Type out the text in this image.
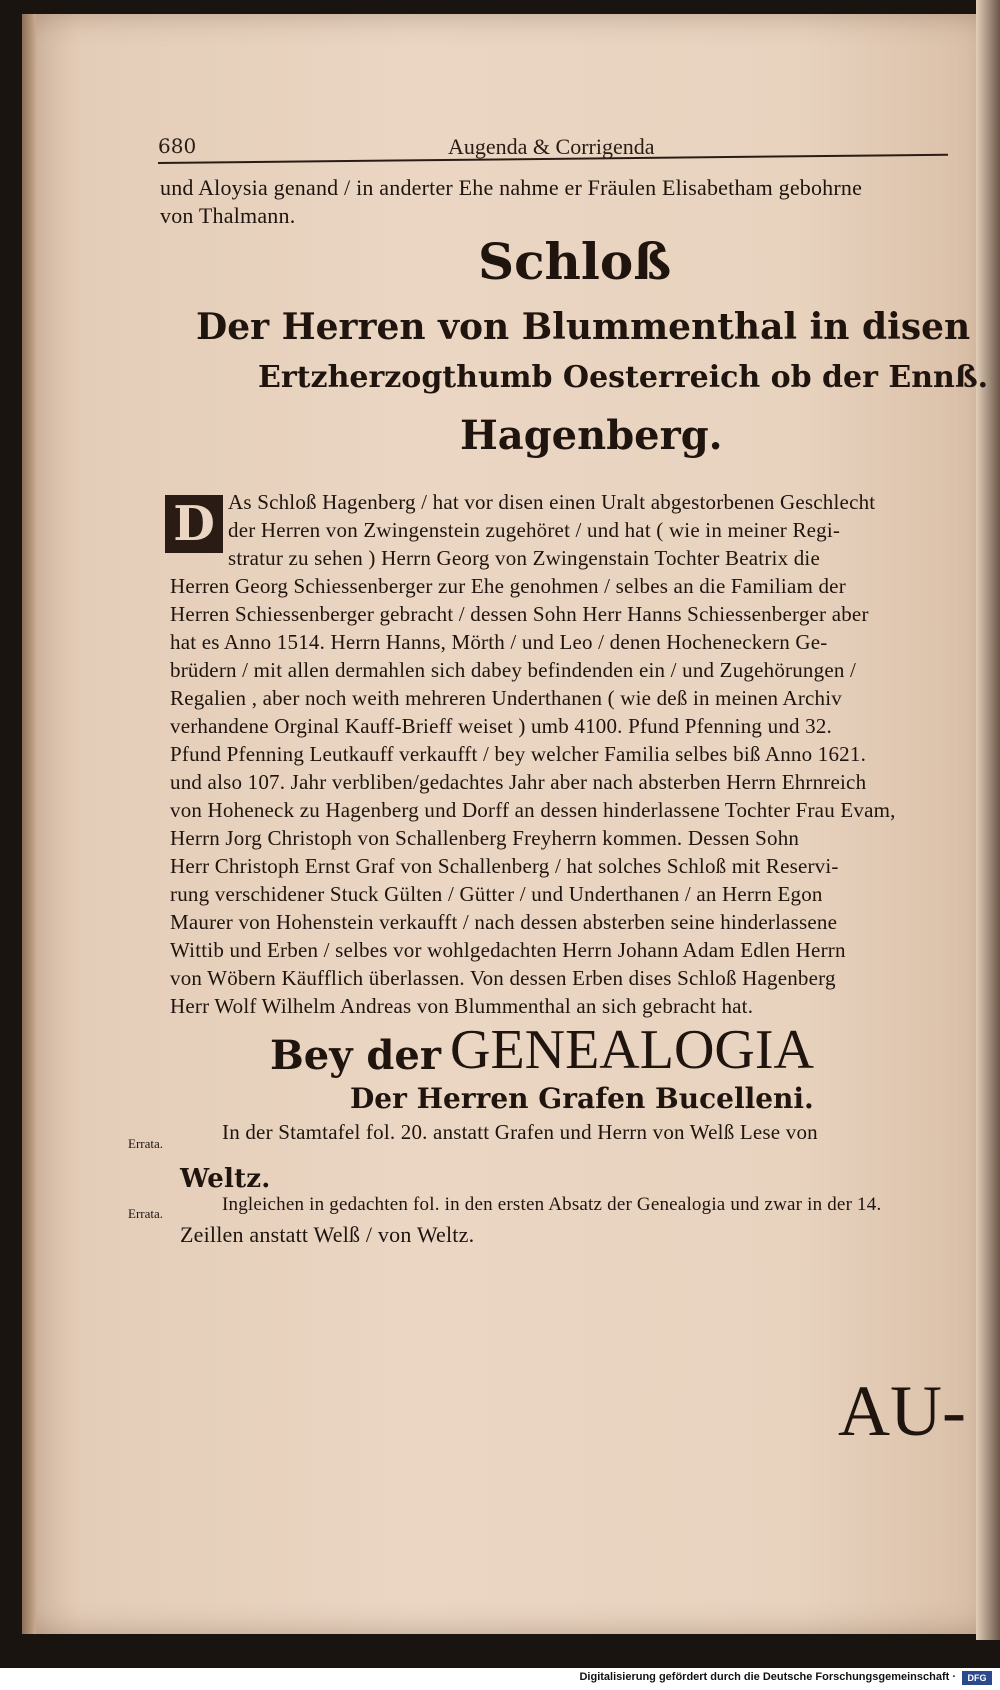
680	Augenda & Corrigenda
und Aloysia genand / in anderter Ehe nahme er Fräulen Elisabetham gebohrne
von Thalmann.
Schloß
Der Herren von Blummenthal in disen
Ertzherzogthumb Oesterreich ob der Ennß.
Hagenberg.
D As Schloß Hagenberg / hat vor disen einen Uralt abgestorbenen Geschlecht
der Herren von Zwingenstein zugehöret / und hat ( wie in meiner Regi-
stratur zu sehen ) Herrn Georg von Zwingenstain Tochter Beatrix die
Herren Georg Schiessenberger zur Ehe genohmen / selbes an die Familiam der
Herren Schiessenberger gebracht / dessen Sohn Herr Hanns Schiessenberger aber
hat es Anno 1514. Herrn Hanns, Mörth / und Leo / denen Hocheneckern Ge-
brüdern / mit allen dermahlen sich dabey befindenden ein / und Zugehörungen /
Regalien , aber noch weith mehreren Underthanen ( wie deß in meinen Archiv
verhandene Orginal Kauff-Brieff weiset ) umb 4100. Pfund Pfenning und 32.
Pfund Pfenning Leutkauff verkaufft / bey welcher Familia selbes biß Anno 1621.
und also 107. Jahr verbliben/gedachtes Jahr aber nach absterben Herrn Ehrnreich
von Hoheneck zu Hagenberg und Dorff an dessen hinderlassene Tochter Frau Evam,
Herrn Jorg Christoph von Schallenberg Freyherrn kommen. Dessen Sohn
Herr Christoph Ernst Graf von Schallenberg / hat solches Schloß mit Reservi-
rung verschidener Stuck Gülten / Gütter / und Underthanen / an Herrn Egon
Maurer von Hohenstein verkaufft / nach dessen absterben seine hinderlassene
Wittib und Erben / selbes vor wohlgedachten Herrn Johann Adam Edlen Herrn
von Wöbern Käufflich überlassen. Von dessen Erben dises Schloß Hagenberg
Herr Wolf Wilhelm Andreas von Blummenthal an sich gebracht hat.
Bey der GENEALOGIA
Der Herren Grafen Bucelleni.
Errata.	In der Stamtafel fol. 20. anstatt Grafen und Herrn von Welß Lese von
Weltz.
Errata.	Ingleichen in gedachten fol. in den ersten Absatz der Genealogia und zwar in der 14.
Zeillen anstatt Welß / von Weltz.
AU-
Digitalisierung gefördert durch die Deutsche Forschungsgemeinschaft ·	DFG
